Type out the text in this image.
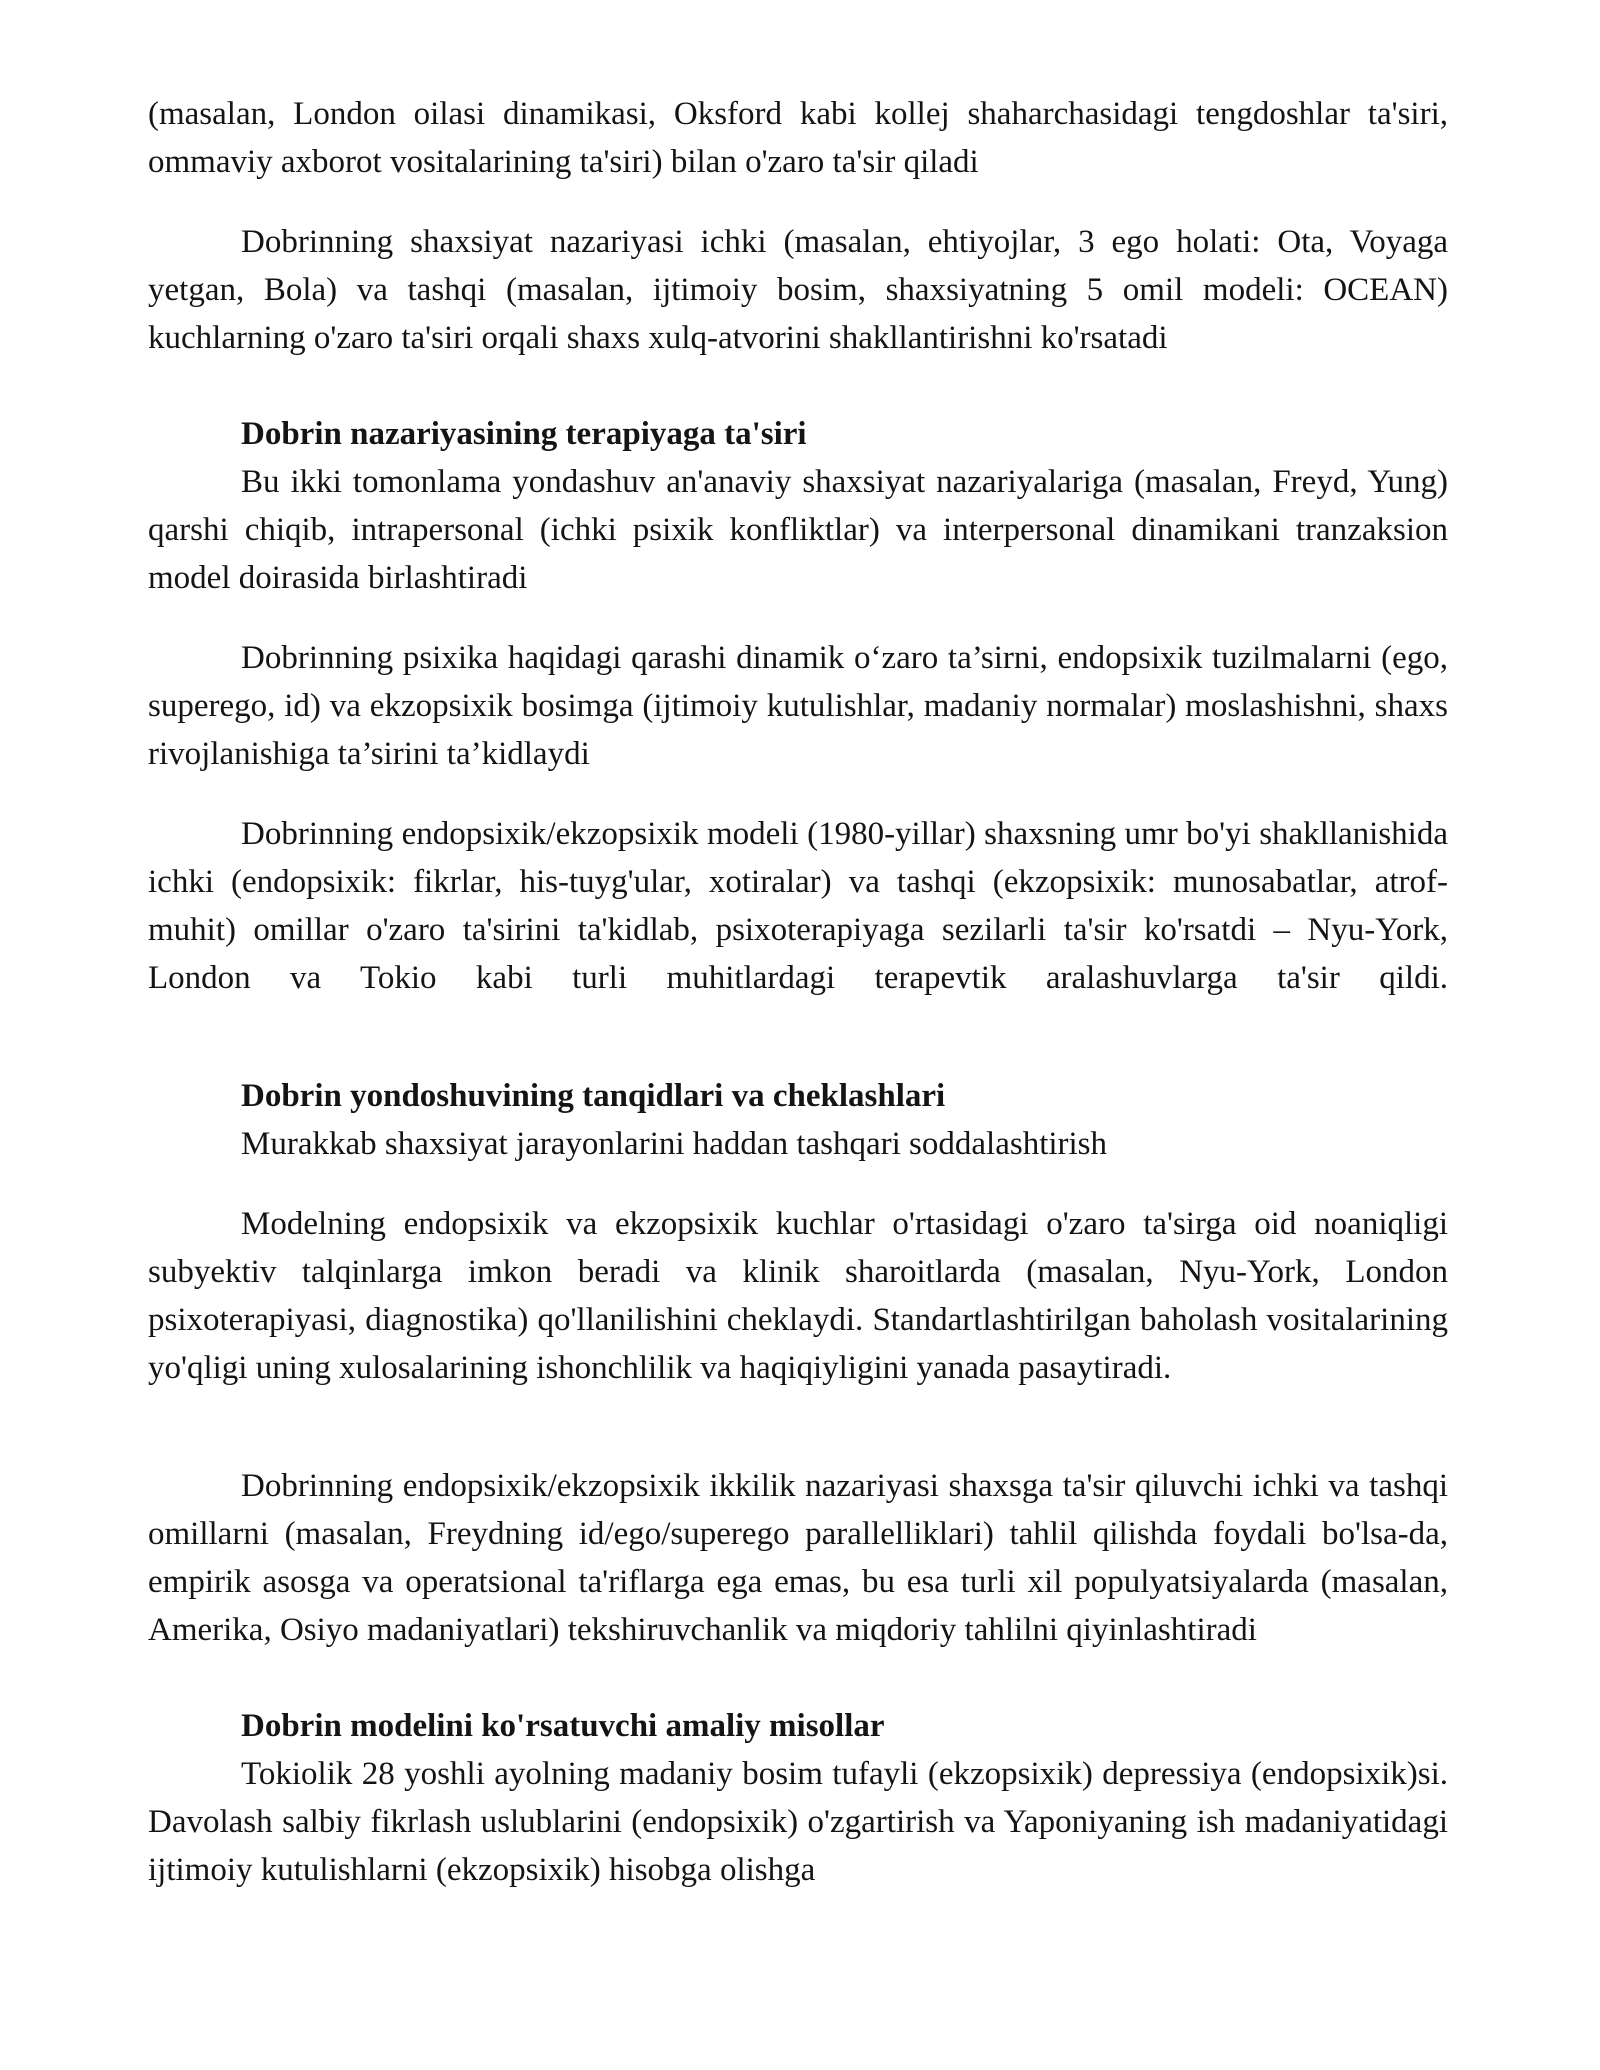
(masalan, London oilasi dinamikasi, Oksford kabi kollej shaharchasidagi tengdoshlar ta'siri, ommaviy axborot vositalarining ta'siri) bilan o'zaro ta'sir qiladi

Dobrinning shaxsiyat nazariyasi ichki (masalan, ehtiyojlar, 3 ego holati: Ota, Voyaga yetgan, Bola) va tashqi (masalan, ijtimoiy bosim, shaxsiyatning 5 omil modeli: OCEAN) kuchlarning o'zaro ta'siri orqali shaxs xulq-atvorini shakllantirishni ko'rsatadi

Dobrin nazariyasining terapiyaga ta'siri

Bu ikki tomonlama yondashuv an'anaviy shaxsiyat nazariyalariga (masalan, Freyd, Yung) qarshi chiqib, intrapersonal (ichki psixik konfliktlar) va interpersonal dinamikani tranzaksion model doirasida birlashtiradi

Dobrinning psixika haqidagi qarashi dinamik o‘zaro ta’sirni, endopsixik tuzilmalarni (ego, superego, id) va ekzopsixik bosimga (ijtimoiy kutulishlar, madaniy normalar) moslashishni, shaxs rivojlanishiga ta’sirini ta’kidlaydi

Dobrinning endopsixik/ekzopsixik modeli (1980-yillar) shaxsning umr bo'yi shakllanishida ichki (endopsixik: fikrlar, his-tuyg'ular, xotiralar) va tashqi (ekzopsixik: munosabatlar, atrof-muhit) omillar o'zaro ta'sirini ta'kidlab, psixoterapiyaga sezilarli ta'sir ko'rsatdi – Nyu-York, London va Tokio kabi turli muhitlardagi terapevtik aralashuvlarga ta'sir qildi.

Dobrin yondoshuvining tanqidlari va cheklashlari

Murakkab shaxsiyat jarayonlarini haddan tashqari soddalashtirish

Modelning endopsixik va ekzopsixik kuchlar o'rtasidagi o'zaro ta'sirga oid noaniqligi subyektiv talqinlarga imkon beradi va klinik sharoitlarda (masalan, Nyu-York, London psixoterapiyasi, diagnostika) qo'llanilishini cheklaydi. Standartlashtirilgan baholash vositalarining yo'qligi uning xulosalarining ishonchlilik va haqiqiyligini yanada pasaytiradi.

Dobrinning endopsixik/ekzopsixik ikkilik nazariyasi shaxsga ta'sir qiluvchi ichki va tashqi omillarni (masalan, Freydning id/ego/superego parallelliklari) tahlil qilishda foydali bo'lsa-da, empirik asosga va operatsional ta'riflarga ega emas, bu esa turli xil populyatsiyalarda (masalan, Amerika, Osiyo madaniyatlari) tekshiruvchanlik va miqdoriy tahlilni qiyinlashtiradi

Dobrin modelini ko'rsatuvchi amaliy misollar

Tokiolik 28 yoshli ayolning madaniy bosim tufayli (ekzopsixik) depressiya (endopsixik)si. Davolash salbiy fikrlash uslublarini (endopsixik) o'zgartirish va Yaponiyaning ish madaniyatidagi ijtimoiy kutulishlarni (ekzopsixik) hisobga olishga
